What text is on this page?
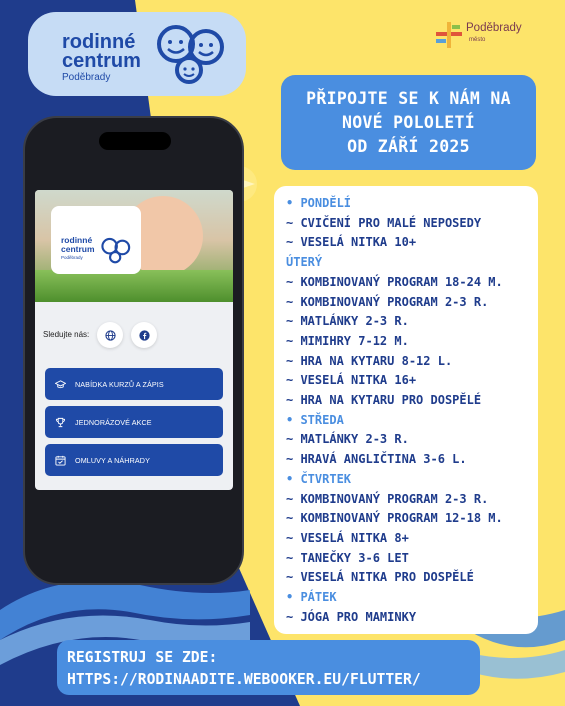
rodinné
centrum
Poděbrady
Poděbrady
město
PŘIPOJTE SE K NÁM NA
NOVÉ POLOLETÍ
OD ZÁŘÍ 2025
• PONDĚLÍ
~ CVIČENÍ PRO MALÉ NEPOSEDY
~ VESELÁ NITKA 10+
ÚTERÝ
~ KOMBINOVANÝ PROGRAM 18-24 M.
~ KOMBINOVANÝ PROGRAM 2-3 R.
~ MATLÁNKY 2-3 R.
~ MIMIHRY 7-12 M.
~ HRA NA KYTARU 8-12 L.
~ VESELÁ NITKA 16+
~ HRA NA KYTARU PRO DOSPĚLÉ
• STŘEDA
~ MATLÁNKY 2-3 R.
~ HRAVÁ ANGLIČTINA 3-6 L.
• ČTVRTEK
~ KOMBINOVANÝ PROGRAM 2-3 R.
~ KOMBINOVANÝ PROGRAM 12-18 M.
~ VESELÁ NITKA 8+
~ TANEČKY 3-6 LET
~ VESELÁ NITKA PRO DOSPĚLÉ
• PÁTEK
~ JÓGA PRO MAMINKY
rodinné
centrum
Poděbrady
Sledujte nás:
NABÍDKA KURZŮ A ZÁPIS
JEDNORÁZOVÉ AKCE
OMLUVY A NÁHRADY
REGISTRUJ SE ZDE:
HTTPS://RODINAADITE.WEBOOKER.EU/FLUTTER/
